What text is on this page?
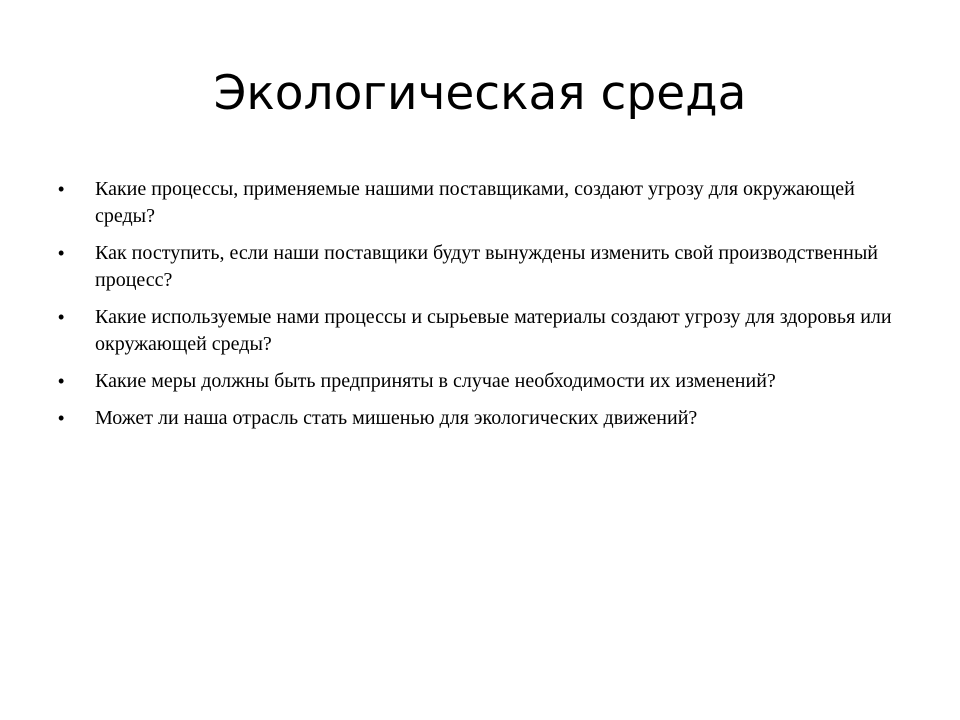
Экологическая среда
•	Какие процессы, применяемые нашими поставщиками, создают угрозу для окружающей среды?
•	Как поступить, если наши поставщики будут вынуждены изменить свой производственный процесс?
•	Какие используемые нами процессы и сырьевые материалы создают угрозу для здоровья или окружающей среды?
•	Какие меры должны быть предприняты в случае необходимости их изменений?
•	Может ли наша отрасль стать мишенью для экологических движений?
